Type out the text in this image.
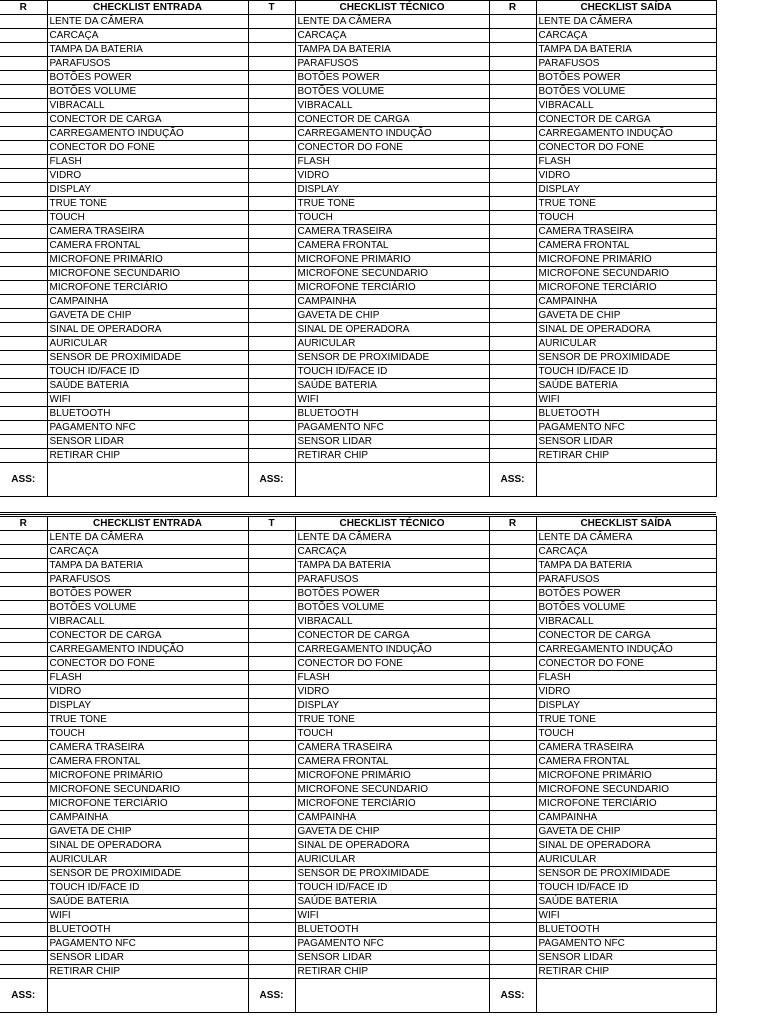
R	CHECKLIST ENTRADA	T	CHECKLIST TÉCNICO	R	CHECKLIST SAÍDA
	LENTE DA CÂMERA		LENTE DA CÂMERA		LENTE DA CÂMERA
	CARCAÇA		CARCAÇA		CARCAÇA
	TAMPA DA BATERIA		TAMPA DA BATERIA		TAMPA DA BATERIA
	PARAFUSOS		PARAFUSOS		PARAFUSOS
	BOTÕES POWER		BOTÕES POWER		BOTÕES POWER
	BOTÕES VOLUME		BOTÕES VOLUME		BOTÕES VOLUME
	VIBRACALL		VIBRACALL		VIBRACALL
	CONECTOR DE CARGA		CONECTOR DE CARGA		CONECTOR DE CARGA
	CARREGAMENTO INDUÇÃO		CARREGAMENTO INDUÇÃO		CARREGAMENTO INDUÇÃO
	CONECTOR DO FONE		CONECTOR DO FONE		CONECTOR DO FONE
	FLASH		FLASH		FLASH
	VIDRO		VIDRO		VIDRO
	DISPLAY		DISPLAY		DISPLAY
	TRUE TONE		TRUE TONE		TRUE TONE
	TOUCH		TOUCH		TOUCH
	CAMERA TRASEIRA		CAMERA TRASEIRA		CAMERA TRASEIRA
	CAMERA FRONTAL		CAMERA FRONTAL		CAMERA FRONTAL
	MICROFONE PRIMÁRIO		MICROFONE PRIMÁRIO		MICROFONE PRIMÁRIO
	MICROFONE SECUNDARIO		MICROFONE SECUNDARIO		MICROFONE SECUNDARIO
	MICROFONE TERCIÁRIO		MICROFONE TERCIÁRIO		MICROFONE TERCIÁRIO
	CAMPAINHA		CAMPAINHA		CAMPAINHA
	GAVETA DE CHIP		GAVETA DE CHIP		GAVETA DE CHIP
	SINAL DE OPERADORA		SINAL DE OPERADORA		SINAL DE OPERADORA
	AURICULAR		AURICULAR		AURICULAR
	SENSOR DE PROXIMIDADE		SENSOR DE PROXIMIDADE		SENSOR DE PROXIMIDADE
	TOUCH ID/FACE ID		TOUCH ID/FACE ID		TOUCH ID/FACE ID
	SAÚDE BATERIA		SAÚDE BATERIA		SAÚDE BATERIA
	WIFI		WIFI		WIFI
	BLUETOOTH		BLUETOOTH		BLUETOOTH
	PAGAMENTO NFC		PAGAMENTO NFC		PAGAMENTO NFC
	SENSOR LIDAR		SENSOR LIDAR		SENSOR LIDAR
	RETIRAR CHIP		RETIRAR CHIP		RETIRAR CHIP
ASS:		ASS:		ASS:	
R	CHECKLIST ENTRADA	T	CHECKLIST TÉCNICO	R	CHECKLIST SAÍDA
	LENTE DA CÂMERA		LENTE DA CÂMERA		LENTE DA CÂMERA
	CARCAÇA		CARCAÇA		CARCAÇA
	TAMPA DA BATERIA		TAMPA DA BATERIA		TAMPA DA BATERIA
	PARAFUSOS		PARAFUSOS		PARAFUSOS
	BOTÕES POWER		BOTÕES POWER		BOTÕES POWER
	BOTÕES VOLUME		BOTÕES VOLUME		BOTÕES VOLUME
	VIBRACALL		VIBRACALL		VIBRACALL
	CONECTOR DE CARGA		CONECTOR DE CARGA		CONECTOR DE CARGA
	CARREGAMENTO INDUÇÃO		CARREGAMENTO INDUÇÃO		CARREGAMENTO INDUÇÃO
	CONECTOR DO FONE		CONECTOR DO FONE		CONECTOR DO FONE
	FLASH		FLASH		FLASH
	VIDRO		VIDRO		VIDRO
	DISPLAY		DISPLAY		DISPLAY
	TRUE TONE		TRUE TONE		TRUE TONE
	TOUCH		TOUCH		TOUCH
	CAMERA TRASEIRA		CAMERA TRASEIRA		CAMERA TRASEIRA
	CAMERA FRONTAL		CAMERA FRONTAL		CAMERA FRONTAL
	MICROFONE PRIMÁRIO		MICROFONE PRIMÁRIO		MICROFONE PRIMÁRIO
	MICROFONE SECUNDARIO		MICROFONE SECUNDARIO		MICROFONE SECUNDARIO
	MICROFONE TERCIÁRIO		MICROFONE TERCIÁRIO		MICROFONE TERCIÁRIO
	CAMPAINHA		CAMPAINHA		CAMPAINHA
	GAVETA DE CHIP		GAVETA DE CHIP		GAVETA DE CHIP
	SINAL DE OPERADORA		SINAL DE OPERADORA		SINAL DE OPERADORA
	AURICULAR		AURICULAR		AURICULAR
	SENSOR DE PROXIMIDADE		SENSOR DE PROXIMIDADE		SENSOR DE PROXIMIDADE
	TOUCH ID/FACE ID		TOUCH ID/FACE ID		TOUCH ID/FACE ID
	SAÚDE BATERIA		SAÚDE BATERIA		SAÚDE BATERIA
	WIFI		WIFI		WIFI
	BLUETOOTH		BLUETOOTH		BLUETOOTH
	PAGAMENTO NFC		PAGAMENTO NFC		PAGAMENTO NFC
	SENSOR LIDAR		SENSOR LIDAR		SENSOR LIDAR
	RETIRAR CHIP		RETIRAR CHIP		RETIRAR CHIP
ASS:		ASS:		ASS:	
